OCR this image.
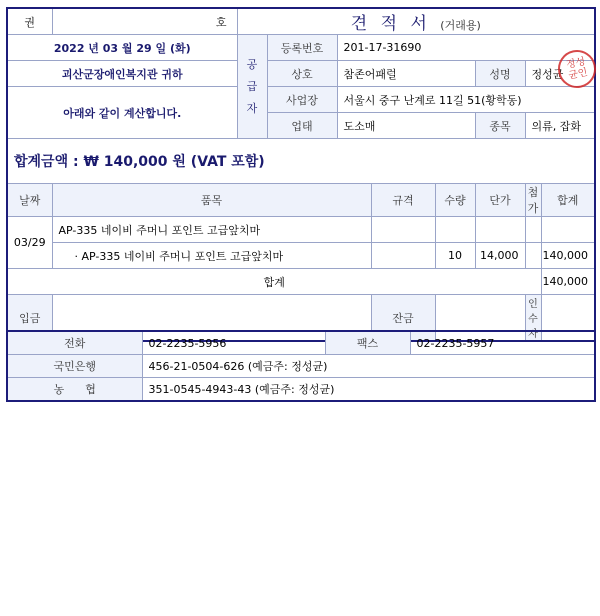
권	호	견 적 서 (거래용)							
2022 년 03 월 29 일 (화)		공
급
자	등록번호	201-17-31690					
괴산군장애인복지관 귀하			상호	참존어패럴			성명	정성균	
아래와 같이 계산합니다.			사업장	서울시 중구 난계로 11길 51(황학동)					
			업태	도소매			종목	의류, 잡화	
합계금액 : ₩ 140,000 원 (VAT 포함)									
날짜	품목				규격	수량	단가	첨가	합계
03/29	AP-335 네이비 주머니 포인트 고급앞치마								
	· AP-335 네이비 주머니 포인트 고급앞치마					10	14,000		140,000
합계									140,000
입금					잔금			인수자	
정성
균인
전화	02-2235-5956	팩스	02-2235-5957
국민은행	456-21-0504-626 (예금주: 정성균)		
농      협	351-0545-4943-43 (예금주: 정성균)		
